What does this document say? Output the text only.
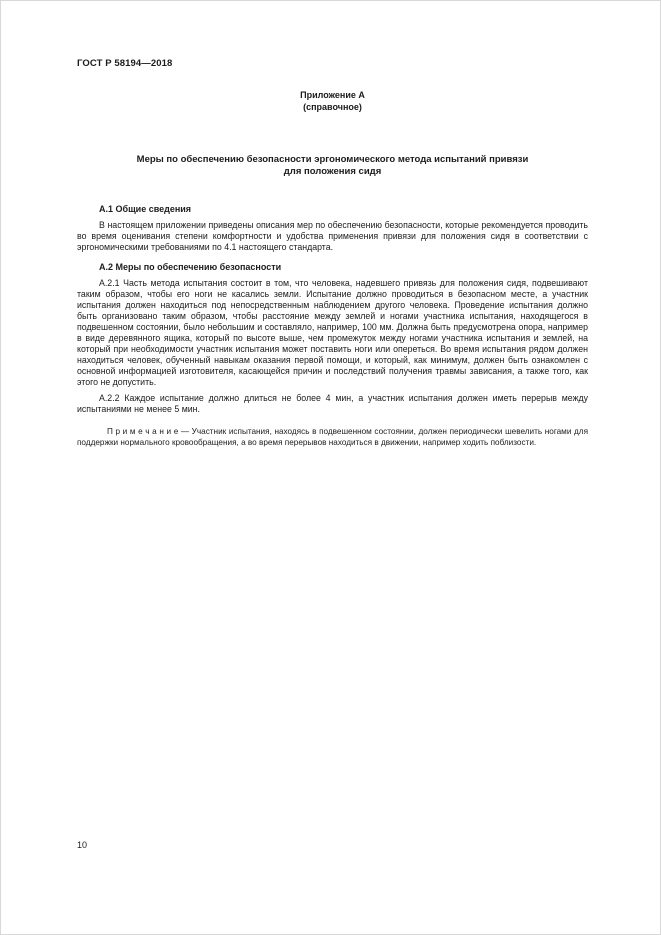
ГОСТ Р 58194—2018
Приложение А
(справочное)
Меры по обеспечению безопасности эргономического метода испытаний привязи
для положения сидя
А.1 Общие сведения

В настоящем приложении приведены описания мер по обеспечению безопасности, которые рекомендуется проводить во время оценивания степени комфортности и удобства применения привязи для положения сидя в соответствии с эргономическими требованиями по 4.1 настоящего стандарта.

А.2 Меры по обеспечению безопасности

А.2.1 Часть метода испытания состоит в том, что человека, надевшего привязь для положения сидя, подвешивают таким образом, чтобы его ноги не касались земли. Испытание должно проводиться в безопасном месте, а участник испытания должен находиться под непосредственным наблюдением другого человека. Проведение испытания должно быть организовано таким образом, чтобы расстояние между землей и ногами участника испытания, находящегося в подвешенном состоянии, было небольшим и составляло, например, 100 мм. Должна быть предусмотрена опора, например в виде деревянного ящика, который по высоте выше, чем промежуток между ногами участника испытания и землей, на который при необходимости участник испытания может поставить ноги или опереться. Во время испытания рядом должен находиться человек, обученный навыкам оказания первой помощи, и который, как минимум, должен быть ознакомлен с основной информацией изготовителя, касающейся причин и последствий получения травмы зависания, а также того, как этого не допустить.

А.2.2 Каждое испытание должно длиться не более 4 мин, а участник испытания должен иметь перерыв между испытаниями не менее 5 мин.

П р и м е ч а н и е — Участник испытания, находясь в подвешенном состоянии, должен периодически шевелить ногами для поддержки нормального кровообращения, а во время перерывов находиться в движении, например ходить поблизости.

10
